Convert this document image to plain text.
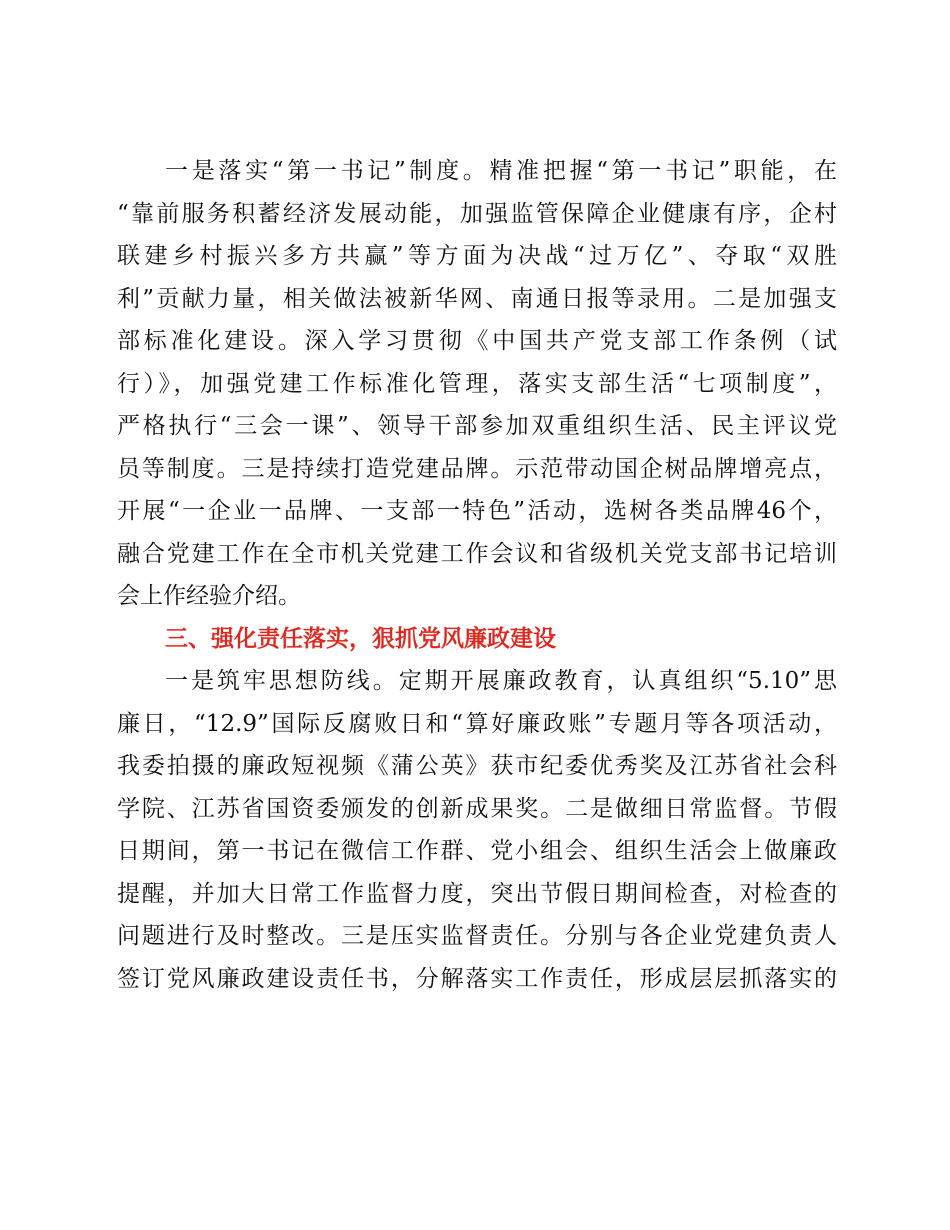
一是落实“第一书记”制度。精准把握“第一书记”职能，在
“靠前服务积蓄经济发展动能，加强监管保障企业健康有序，企村
联建乡村振兴多方共赢”等方面为决战“过万亿”、夺取“双胜
利”贡献力量，相关做法被新华网、南通日报等录用。二是加强支
部标准化建设。深入学习贯彻《中国共产党支部工作条例（试
行）》，加强党建工作标准化管理，落实支部生活“七项制度”，
严格执行“三会一课”、领导干部参加双重组织生活、民主评议党
员等制度。三是持续打造党建品牌。示范带动国企树品牌增亮点，
开展“一企业一品牌、一支部一特色”活动，选树各类品牌46个，
融合党建工作在全市机关党建工作会议和省级机关党支部书记培训
会上作经验介绍。
三、强化责任落实，狠抓党风廉政建设
一是筑牢思想防线。定期开展廉政教育，认真组织“5.10”思
廉日，“12.9”国际反腐败日和“算好廉政账”专题月等各项活动，
我委拍摄的廉政短视频《蒲公英》获市纪委优秀奖及江苏省社会科
学院、江苏省国资委颁发的创新成果奖。二是做细日常监督。节假
日期间，第一书记在微信工作群、党小组会、组织生活会上做廉政
提醒，并加大日常工作监督力度，突出节假日期间检查，对检查的
问题进行及时整改。三是压实监督责任。分别与各企业党建负责人
签订党风廉政建设责任书，分解落实工作责任，形成层层抓落实的
